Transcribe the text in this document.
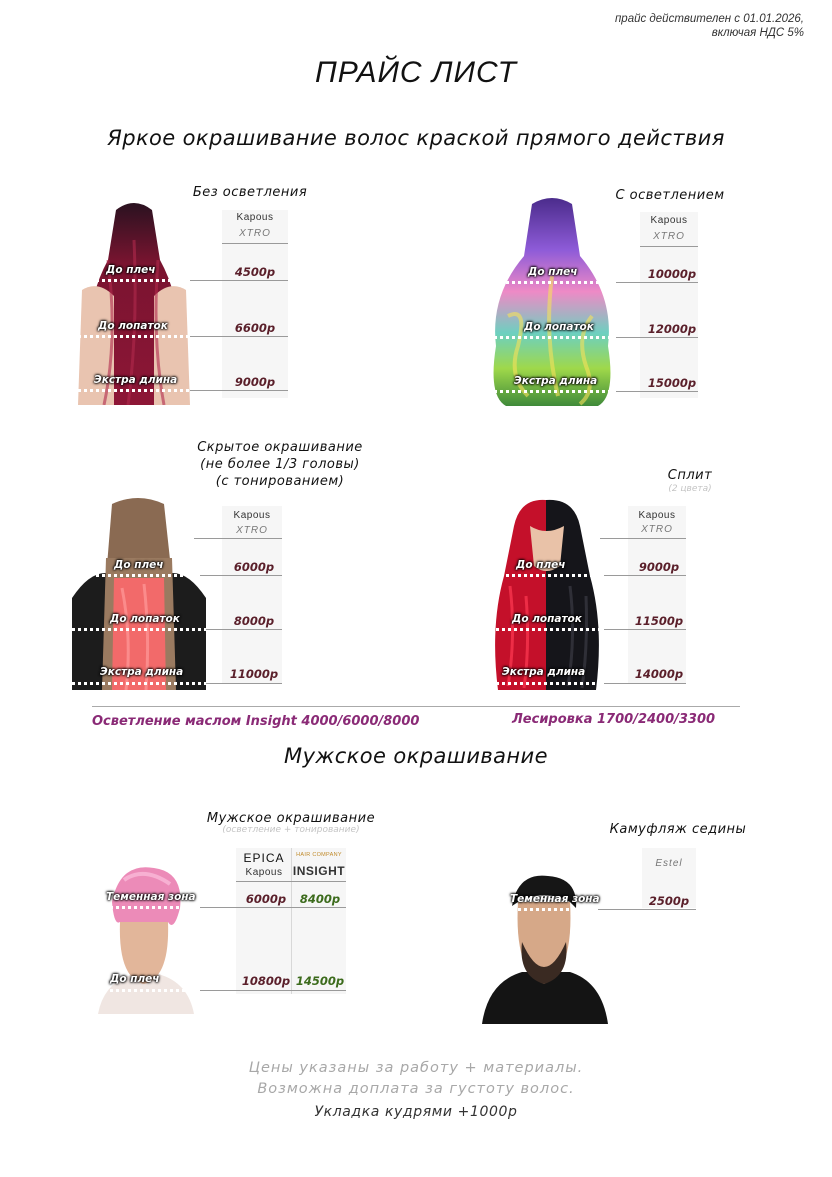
прайс действителен с 01.01.2026,
включая НДС 5%
ПРАЙС ЛИСТ
Яркое окрашивание волос краской прямого действия
Без осветления
Kapous
XTRO
До плеч	4500р
До лопаток	6600р
Экстра длина	9000р
С осветлением
Kapous
XTRO
До плеч	10000р
До лопаток	12000р
Экстра длина	15000р
Скрытое окрашивание
(не более 1/3 головы)
(с тонированием)
Kapous
XTRO
До плеч	6000р
До лопаток	8000р
Экстра длина	11000р
Сплит
(2 цвета)
Kapous
XTRO
До плеч	9000р
До лопаток	11500р
Экстра длина	14000р
Осветление маслом Insight 4000/6000/8000	Лесировка 1700/2400/3300
Мужское окрашивание
Мужское окрашивание
(осветление + тонирование)
EPICA
Kapous
HAIR COMPANY
INSIGHT
Теменная зона	6000р	8400р
До плеч	10800р 14500р
Камуфляж седины
Estel
Теменная зона	2500р
Цены указаны за работу + материалы.
Возможна доплата за густоту волос.
Укладка кудрями +1000р
